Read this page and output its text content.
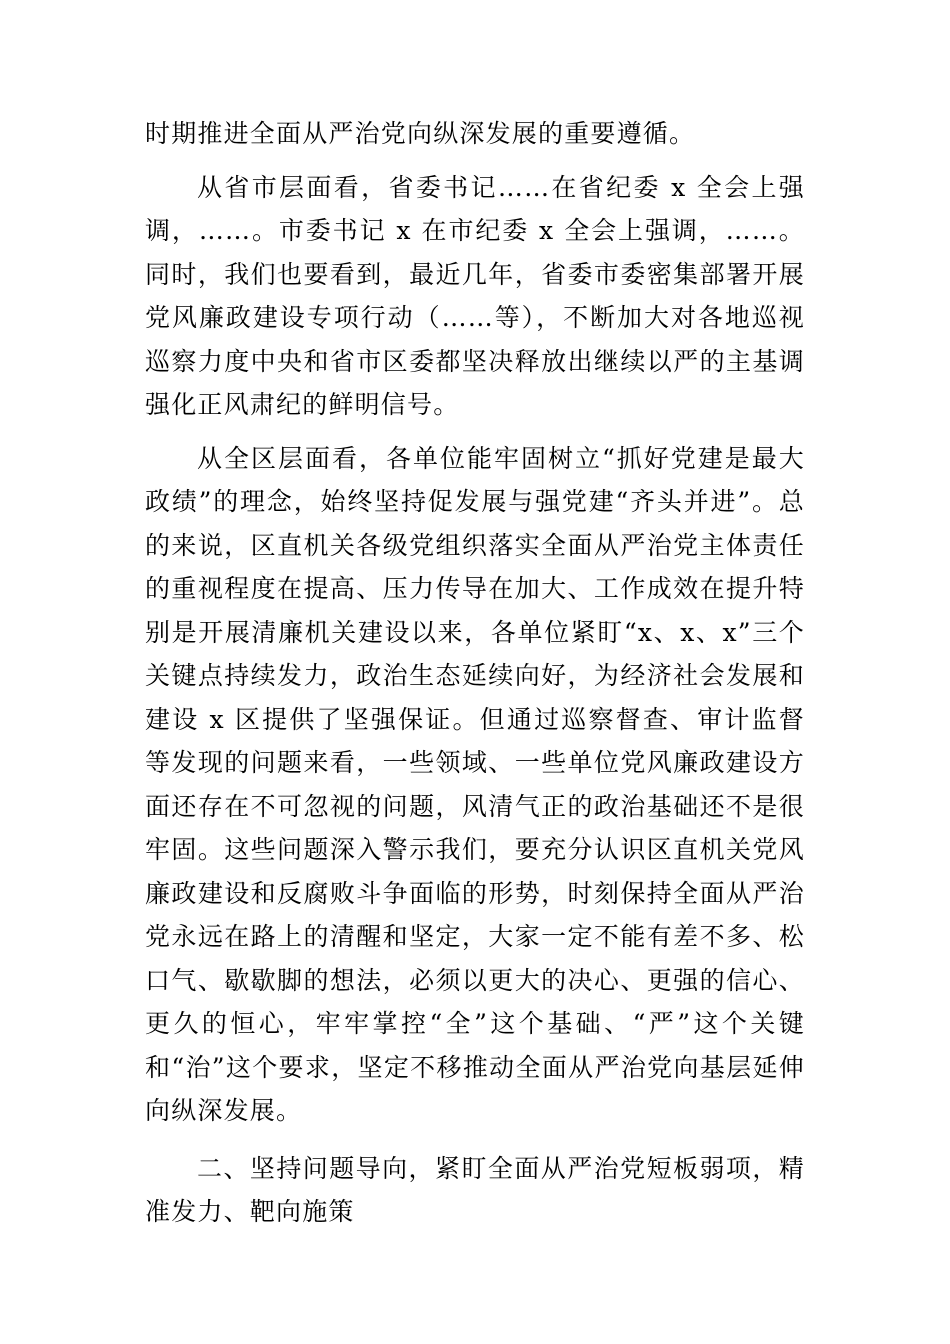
时期推进全面从严治党向纵深发展的重要遵循。

从省市层面看，省委书记……在省纪委 x 全会上强调，……。市委书记 x 在市纪委 x 全会上强调，……。同时，我们也要看到，最近几年，省委市委密集部署开展党风廉政建设专项行动（……等），不断加大对各地巡视巡察力度中央和省市区委都坚决释放出继续以严的主基调强化正风肃纪的鲜明信号。

从全区层面看，各单位能牢固树立“抓好党建是最大政绩”的理念，始终坚持促发展与强党建“齐头并进”。总的来说，区直机关各级党组织落实全面从严治党主体责任的重视程度在提高、压力传导在加大、工作成效在提升特别是开展清廉机关建设以来，各单位紧盯“x、x、x”三个关键点持续发力，政治生态延续向好，为经济社会发展和建设 x 区提供了坚强保证。但通过巡察督查、审计监督等发现的问题来看，一些领域、一些单位党风廉政建设方面还存在不可忽视的问题，风清气正的政治基础还不是很牢固。这些问题深入警示我们，要充分认识区直机关党风廉政建设和反腐败斗争面临的形势，时刻保持全面从严治党永远在路上的清醒和坚定，大家一定不能有差不多、松口气、歇歇脚的想法，必须以更大的决心、更强的信心、更久的恒心，牢牢掌控“全”这个基础、“严”这个关键和“治”这个要求，坚定不移推动全面从严治党向基层延伸向纵深发展。

二、坚持问题导向，紧盯全面从严治党短板弱项，精准发力、靶向施策
